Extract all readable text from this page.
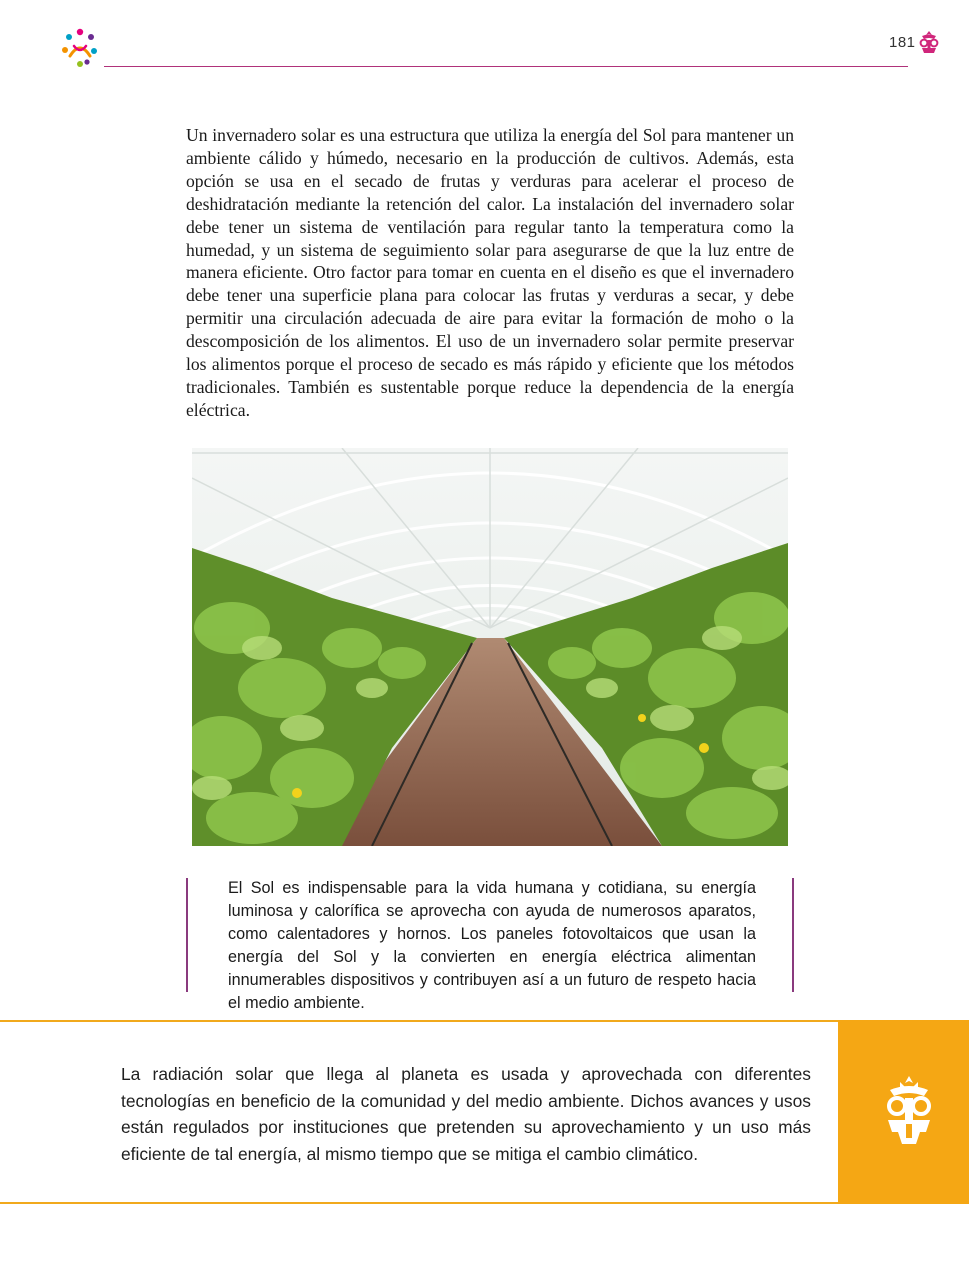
181

Un invernadero solar es una estructura que utiliza la energía del Sol para mantener un ambiente cálido y húmedo, necesario en la producción de cultivos. Además, esta opción se usa en el secado de frutas y verduras para acelerar el proceso de deshidratación mediante la retención del calor. La instalación del invernadero solar debe tener un sistema de ventilación para regular tanto la temperatura como la humedad, y un sistema de seguimiento solar para asegurarse de que la luz entre de manera eficiente. Otro factor para tomar en cuenta en el diseño es que el invernadero debe tener una superficie plana para colocar las frutas y verduras a secar, y debe permitir una circulación adecuada de aire para evitar la formación de moho o la descomposición de los alimentos. El uso de un invernadero solar permite preservar los alimentos porque el proceso de secado es más rápido y eficiente que los métodos tradicionales. También es sustentable porque reduce la dependencia de la energía eléctrica.

El Sol es indispensable para la vida humana y cotidiana, su energía luminosa y calorífica se aprovecha con ayuda de numerosos aparatos, como calentadores y hornos. Los paneles fotovoltaicos que usan la energía del Sol y la convierten en energía eléctrica alimentan innumerables dispositivos y contribuyen así a un futuro de respeto hacia el medio ambiente.

La radiación solar que llega al planeta es usada y aprovechada con diferentes tecnologías en beneficio de la comunidad y del medio ambiente. Dichos avances y usos están regulados por instituciones que pretenden su aprovechamiento y un uso más eficiente de tal energía, al mismo tiempo que se mitiga el cambio climático.
